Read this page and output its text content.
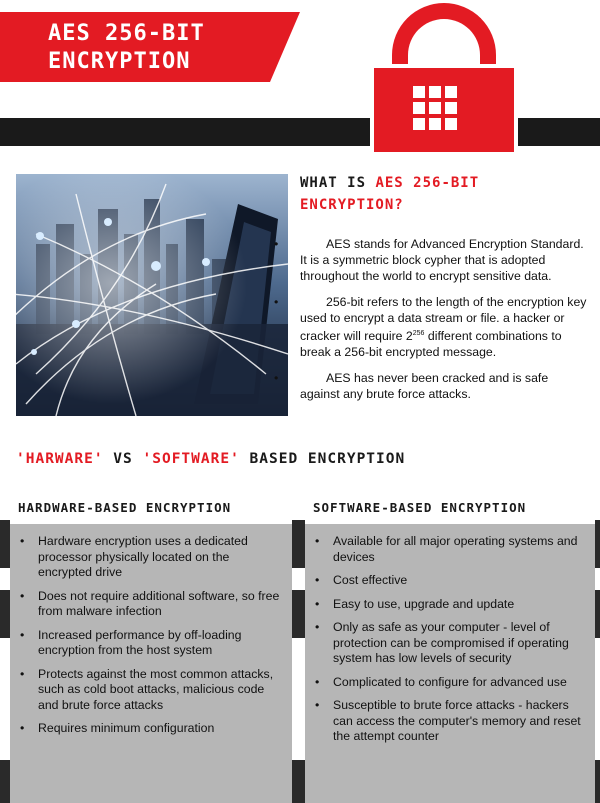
AES 256-BIT
ENCRYPTION
WHAT IS AES 256-BIT
ENCRYPTION?
• AES stands for Advanced Encryption Standard. It is a symmetric block cypher that is adopted throughout the world to encrypt sensitive data.
• 256-bit refers to the length of the encryption key used to encrypt a data stream or file. a hacker or cracker will require $2^{256}$ different combinations to break a 256-bit encrypted message.
• AES has never been cracked and is safe against any brute force attacks.
'HARWARE' VS 'SOFTWARE' BASED ENCRYPTION
HARDWARE-BASED ENCRYPTION
• Hardware encryption uses a dedicated processor physically located on the encrypted drive
• Does not require additional software, so free from malware infection
• Increased performance by off-loading encryption from the host system
• Protects against the most common attacks, such as cold boot attacks, malicious code and brute force attacks
• Requires minimum configuration
SOFTWARE-BASED ENCRYPTION
• Available for all major operating systems and devices
• Cost effective
• Easy to use, upgrade and update
• Only as safe as your computer - level of protection can be compromised if operating system has low levels of security
• Complicated to configure for advanced use
• Susceptible to brute force attacks - hackers can access the computer's memory and reset the attempt counter
